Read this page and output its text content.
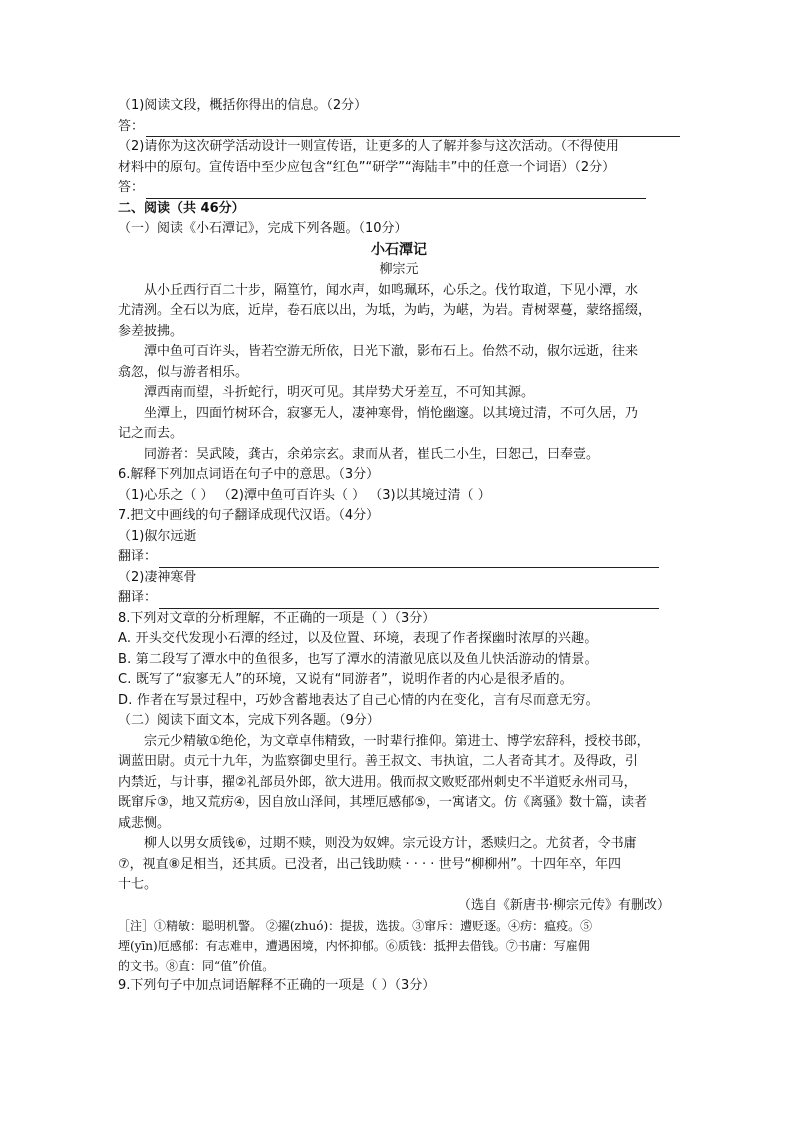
（1)阅读文段，概括你得出的信息。（2分）
答：
（2)请你为这次研学活动设计一则宣传语，让更多的人了解并参与这次活动。（不得使用
材料中的原句。宣传语中至少应包含“红色”“研学”“海陆丰”中的任意一个词语）（2分）
答：
二、阅读（共 46分）
（一）阅读《小石潭记》，完成下列各题。（10分）
小石潭记
柳宗元
从小丘西行百二十步，隔篁竹，闻水声，如鸣珮环，心乐之。伐竹取道，下见小潭，水
尤清洌。全石以为底，近岸，卷石底以出，为坻，为屿，为嵁，为岩。青树翠蔓，蒙络摇缀，
参差披拂。
潭中鱼可百许头，皆若空游无所依，日光下澈，影布石上。佁然不动，俶尔远逝，往来
翕忽，似与游者相乐。
潭西南而望，斗折蛇行，明灭可见。其岸势犬牙差互，不可知其源。
坐潭上，四面竹树环合，寂寥无人，凄神寒骨，悄怆幽邃。以其境过清，不可久居，乃
记之而去。
同游者：吴武陵，龚古，余弟宗玄。隶而从者，崔氏二小生，曰恕己，曰奉壹。
6.解释下列加点词语在句子中的意思。（3分）
（1)心乐之（ ） （2)潭中鱼可百许头（ ） （3)以其境过清（ ）
7.把文中画线的句子翻译成现代汉语。（4分）
（1)俶尔远逝
翻译：
（2)凄神寒骨
翻译：
8.下列对文章的分析理解，不正确的一项是（ ）（3分）
A. 开头交代发现小石潭的经过，以及位置、环境，表现了作者探幽时浓厚的兴趣。
B. 第二段写了潭水中的鱼很多，也写了潭水的清澈见底以及鱼儿快活游动的情景。
C. 既写了“寂寥无人”的环境，又说有“同游者”，说明作者的内心是很矛盾的。
D. 作者在写景过程中，巧妙含蓄地表达了自己心情的内在变化，言有尽而意无穷。
（二）阅读下面文本，完成下列各题。（9分）
宗元少精敏①绝伦，为文章卓伟精致，一时辈行推仰。第进士、博学宏辞科，授校书郎，
调蓝田尉。贞元十九年，为监察御史里行。善王叔文、韦执谊，二人者奇其才。及得政，引
内禁近，与计事，擢②礼部员外郎，欲大进用。俄而叔文败贬邵州刺史不半道贬永州司马，
既窜斥③，地又荒疠④，因自放山泽间，其堙厄感郁⑤，一寓诸文。仿《离骚》数十篇，读者
咸悲恻。
柳人以男女质钱⑥，过期不赎，则没为奴婢。宗元设方计，悉赎归之。尤贫者，令书庸
⑦，视直⑧足相当，还其质。已没者，出己钱助赎 · · · · 世号“柳柳州”。十四年卒，年四
十七。
（选自《新唐书·柳宗元传》有删改）
［注］①精敏：聪明机警。 ②擢(zhuó)：提拔，选拔。③窜斥：遭贬逐。④疠：瘟疫。⑤
堙(yīn)厄感郁：有志难申，遭遇困境，内怀抑郁。⑥质钱：抵押去借钱。⑦书庸：写雇佣
的文书。⑧直：同“值”价值。
9.下列句子中加点词语解释不正确的一项是（ ）（3分）
